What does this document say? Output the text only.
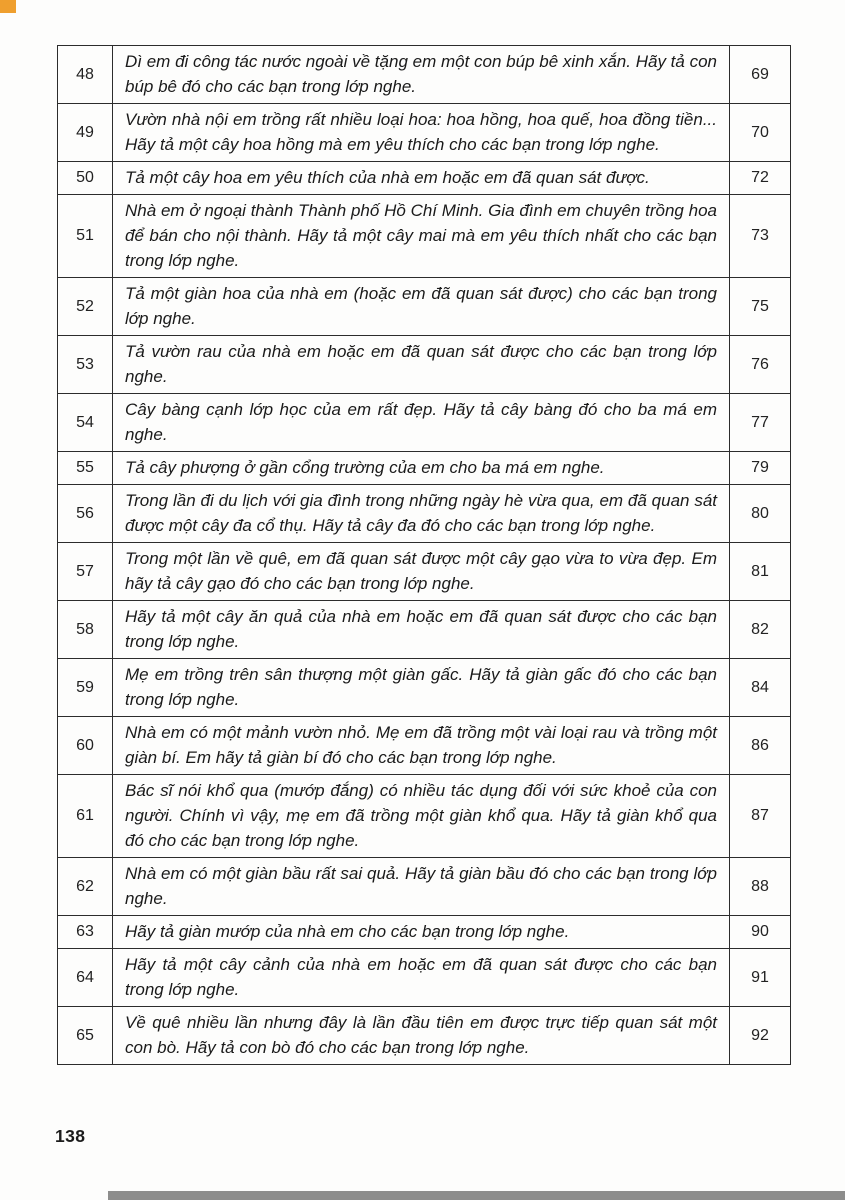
48	Dì em đi công tác nước ngoài về tặng em một con búp bê xinh xắn. Hãy tả con búp bê đó cho các bạn trong lớp nghe.	69
49	Vườn nhà nội em trồng rất nhiều loại hoa: hoa hồng, hoa quế, hoa đồng tiền... Hãy tả một cây hoa hồng mà em yêu thích cho các bạn trong lớp nghe.	70
50	Tả một cây hoa em yêu thích của nhà em hoặc em đã quan sát được.	72
51	Nhà em ở ngoại thành Thành phố Hồ Chí Minh. Gia đình em chuyên trồng hoa để bán cho nội thành. Hãy tả một cây mai mà em yêu thích nhất cho các bạn trong lớp nghe.	73
52	Tả một giàn hoa của nhà em (hoặc em đã quan sát được) cho các bạn trong lớp nghe.	75
53	Tả vườn rau của nhà em hoặc em đã quan sát được cho các bạn trong lớp nghe.	76
54	Cây bàng cạnh lớp học của em rất đẹp. Hãy tả cây bàng đó cho ba má em nghe.	77
55	Tả cây phượng ở gần cổng trường của em cho ba má em nghe.	79
56	Trong lần đi du lịch với gia đình trong những ngày hè vừa qua, em đã quan sát được một cây đa cổ thụ. Hãy tả cây đa đó cho các bạn trong lớp nghe.	80
57	Trong một lần về quê, em đã quan sát được một cây gạo vừa to vừa đẹp. Em hãy tả cây gạo đó cho các bạn trong lớp nghe.	81
58	Hãy tả một cây ăn quả của nhà em hoặc em đã quan sát được cho các bạn trong lớp nghe.	82
59	Mẹ em trồng trên sân thượng một giàn gấc. Hãy tả giàn gấc đó cho các bạn trong lớp nghe.	84
60	Nhà em có một mảnh vườn nhỏ. Mẹ em đã trồng một vài loại rau và trồng một giàn bí. Em hãy tả giàn bí đó cho các bạn trong lớp nghe.	86
61	Bác sĩ nói khổ qua (mướp đắng) có nhiều tác dụng đối với sức khoẻ của con người. Chính vì vậy, mẹ em đã trồng một giàn khổ qua. Hãy tả giàn khổ qua đó cho các bạn trong lớp nghe.	87
62	Nhà em có một giàn bầu rất sai quả. Hãy tả giàn bầu đó cho các bạn trong lớp nghe.	88
63	Hãy tả giàn mướp của nhà em cho các bạn trong lớp nghe.	90
64	Hãy tả một cây cảnh của nhà em hoặc em đã quan sát được cho các bạn trong lớp nghe.	91
65	Về quê nhiều lần nhưng đây là lần đầu tiên em được trực tiếp quan sát một con bò. Hãy tả con bò đó cho các bạn trong lớp nghe.	92
138
